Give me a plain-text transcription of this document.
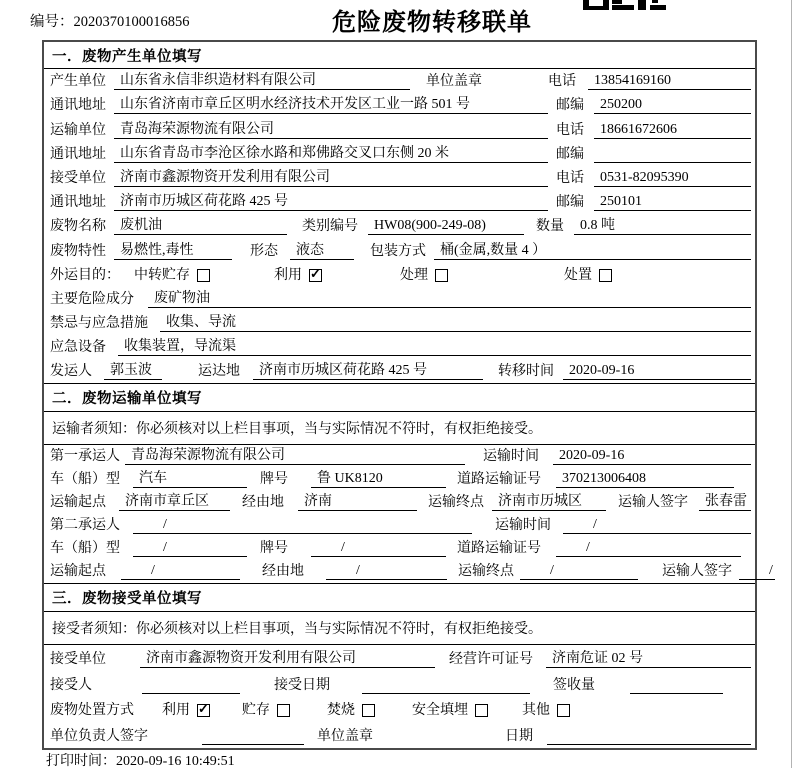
编号：2020370100016856	危险废物转移联单
一．废物产生单位填写
产生单位	山东省永信非织造材料有限公司	单位盖章	电话	13854169160
通讯地址	山东省济南市章丘区明水经济技术开发区工业一路 501 号	邮编	250200
运输单位	青岛海荣源物流有限公司	电话	18661672606
通讯地址	山东省青岛市李沧区徐水路和郑佛路交叉口东侧 20 米	邮编
接受单位	济南市鑫源物资开发利用有限公司	电话	0531-82095390
通讯地址	济南市历城区荷花路 425 号	邮编	250101
废物名称	废机油	类别编号	HW08(900-249-08)	数量	0.8 吨
废物特性	易燃性,毒性	形态	液态	包装方式	桶(金属,数量 4 ）
外运目的： 中转贮存	利用 ✓	处理	处置
主要危险成分	废矿物油
禁忌与应急措施	收集、导流
应急设备	收集装置，导流渠
发运人	郭玉波	运达地	济南市历城区荷花路 425 号	转移时间	2020-09-16
二．废物运输单位填写
运输者须知：你必须核对以上栏目事项，当与实际情况不符时，有权拒绝接受。
第一承运人 青岛海荣源物流有限公司	运输时间	2020-09-16
车（船）型	汽车	牌号	鲁 UK8120	道路运输证号	370213006408
运输起点	济南市章丘区	经由地	济南	运输终点	济南市历城区	运输人签字	张春雷
第二承运人	/	运输时间	/
车（船）型	/	牌号	/	道路运输证号	/
运输起点	/	经由地	/	运输终点	/	运输人签字	/
三．废物接受单位填写
接受者须知：你必须核对以上栏目事项，当与实际情况不符时，有权拒绝接受。
接受单位	济南市鑫源物资开发利用有限公司	经营许可证号	济南危证 02 号
接受人	接受日期	签收量
废物处置方式 利用 ✓	贮存	焚烧	安全填埋	其他
单位负责人签字	单位盖章	日期
打印时间：2020-09-16 10:49:51
